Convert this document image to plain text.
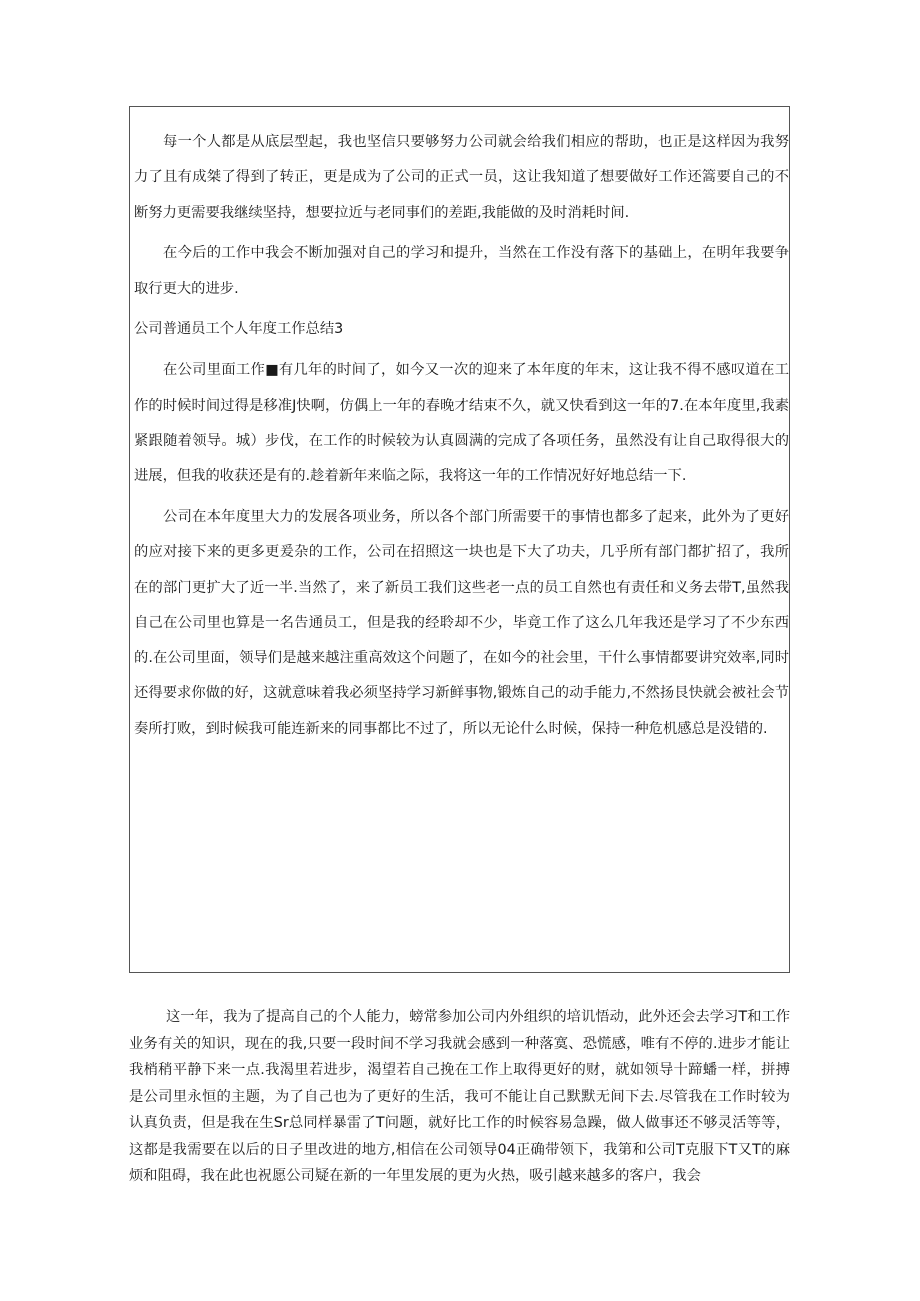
每一个人都是从底层型起，我也坚信只要够努力公司就会给我们相应的帮助，也正是这样因为我努力了且有成桀了得到了转正，更是成为了公司的正式一员，这让我知道了想要做好工作还篙要自己的不断努力更需要我继续坚持，想要拉近与老同事们的差距,我能做的及时消耗时间.

在今后的工作中我会不断加强对自己的学习和提升，当然在工作没有落下的基础上，在明年我要争取行更大的进步.

公司普通员工个人年度工作总结3

在公司里面工作■有几年的时间了，如今又一次的迎来了本年度的年末，这让我不得不感叹道在工作的时候时间过得是移准J快啊，仿偶上一年的春晚才结束不久，就又快看到这一年的7.在本年度里,我素紧跟随着领导。城）步伐，在工作的时候较为认真圆满的完成了各项任务，虽然没有让自己取得很大的进展，但我的收获还是有的.趁着新年来临之际，我将这一年的工作情况好好地总结一下.

公司在本年度里大力的发展各项业务，所以各个部门所需要干的事情也都多了起来，此外为了更好的应对接下来的更多更爰杂的工作，公司在招照这一块也是下大了功夫，几乎所有部门都扩招了，我所在的部门更扩大了近一半.当然了，来了新员工我们这些老一点的员工自然也有责任和义务去带T,虽然我自己在公司里也算是一名告通员工，但是我的经聆却不少，毕竟工作了这么几年我还是学习了不少东西的.在公司里面，领导们是越来越注重高效这个问题了，在如今的社会里，干什么事情都要讲究效率,同时还得要求你做的好，这就意味着我必须坚持学习新鲜事物,锻炼自己的动手能力,不然扬艮快就会被社会节奏所打败，到时候我可能连新来的同事都比不过了，所以无论什么时候，保持一种危机感总是没错的.

这一年，我为了提高自己的个人能力，螃常参加公司内外组织的培讥悟动，此外还会去学习T和工作业务有关的知识，现在的我,只要一段时间不学习我就会感到一种落寞、恐慌感，唯有不停的.进步才能让我梢稍平静下来一点.我渴里若进步，渴望若自己挽在工作上取得更好的财，就如领导十蹄蟠一样，拼搏是公司里永恒的主题，为了自己也为了更好的生活，我可不能让自己默默无间下去.尽管我在工作时较为认真负责，但是我在生Sr总同样暴雷了T问题，就好比工作的时候容易急躁，做人做事还不够灵活等等，这都是我需要在以后的日子里改进的地方,相信在公司领导04正确带领下，我第和公司T克服下T又T的麻烦和阻碍，我在此也祝愿公司疑在新的一年里发展的更为火热，吸引越来越多的客户，我会
